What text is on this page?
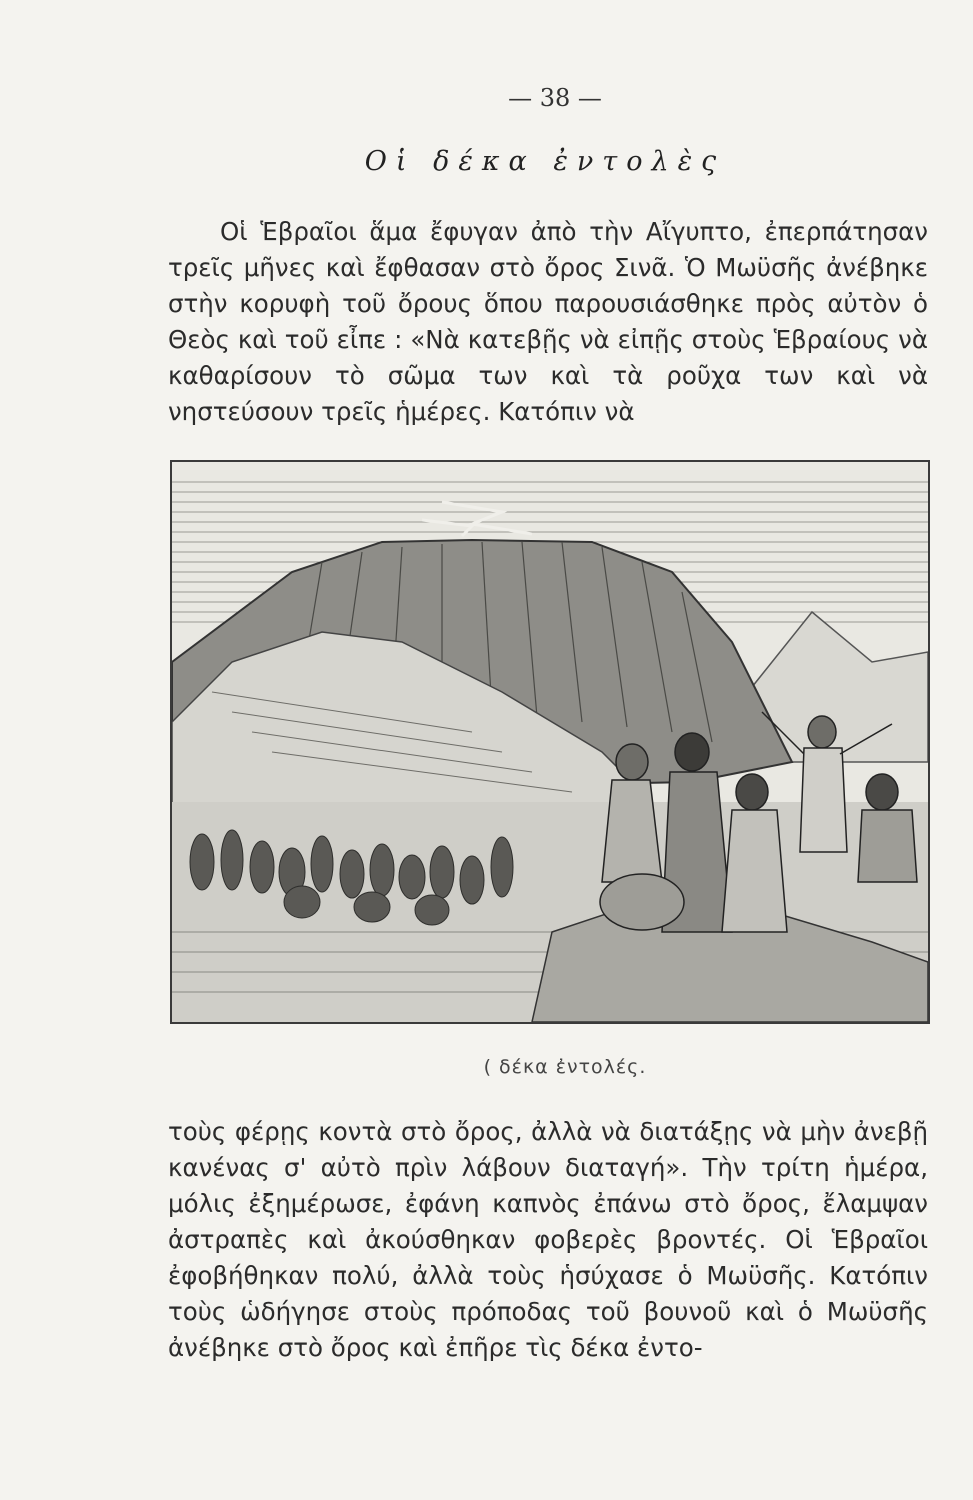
— 38 —
Οἱ δέκα ἐντολὲς

Οἱ Ἑβραῖοι ἅμα ἔφυγαν ἀπὸ τὴν Αἴγυπτο, ἐπερπάτησαν τρεῖς μῆνες καὶ ἔφθασαν στὸ ὄρος Σινᾶ. Ὁ Μωϋσῆς ἀνέβηκε στὴν κορυφὴ τοῦ ὄρους ὅπου παρουσιάσθηκε πρὸς αὐτὸν ὁ Θεὸς καὶ τοῦ εἶπε : «Νὰ κατεβῇς νὰ εἰπῇς στοὺς Ἑβραίους νὰ καθαρίσουν τὸ σῶμα των καὶ τὰ ροῦχα των καὶ νὰ νηστεύσουν τρεῖς ἡμέρες. Κατόπιν νὰ

( δέκα ἐντολές.

τοὺς φέρῃς κοντὰ στὸ ὄρος, ἀλλὰ νὰ διατάξῃς νὰ μὴν ἀνεβῇ κανένας σ' αὐτὸ πρὶν λάβουν διαταγή». Τὴν τρίτη ἡμέρα, μόλις ἐξημέρωσε, ἐφάνη καπνὸς ἐπάνω στὸ ὄρος, ἔλαμψαν ἀστραπὲς καὶ ἀκούσθηκαν φοβερὲς βροντές. Οἱ Ἑβραῖοι ἐφοβήθηκαν πολύ, ἀλλὰ τοὺς ἡσύχασε ὁ Μωϋσῆς. Κατόπιν τοὺς ὡδήγησε στοὺς πρόποδας τοῦ βουνοῦ καὶ ὁ Μωϋσῆς ἀνέβηκε στὸ ὄρος καὶ ἐπῆρε τὶς δέκα ἐντο-
